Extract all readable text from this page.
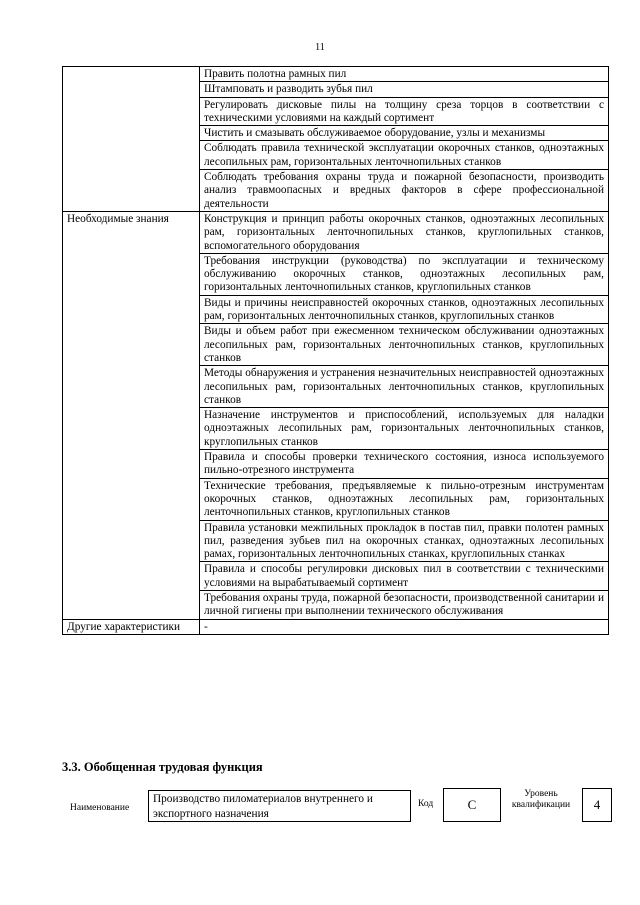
11
	Править полотна рамных пил
	Штамповать и разводить зубья пил
	Регулировать дисковые пилы на толщину среза торцов в соответствии с техническими условиями на каждый сортимент
	Чистить и смазывать обслуживаемое оборудование, узлы и механизмы
	Соблюдать правила технической эксплуатации окорочных станков, одноэтажных лесопильных рам, горизонтальных ленточнопильных станков
	Соблюдать требования охраны труда и пожарной безопасности, производить анализ травмоопасных и вредных факторов в сфере профессиональной деятельности
Необходимые знания	Конструкция и принцип работы окорочных станков, одноэтажных лесопильных рам, горизонтальных ленточнопильных станков, круглопильных станков, вспомогательного оборудования
	Требования инструкции (руководства) по эксплуатации и техническому обслуживанию окорочных станков, одноэтажных лесопильных рам, горизонтальных ленточнопильных станков, круглопильных станков
	Виды и причины неисправностей окорочных станков, одноэтажных лесопильных рам, горизонтальных ленточнопильных станков, круглопильных станков
	Виды и объем работ при ежесменном техническом обслуживании одноэтажных лесопильных рам, горизонтальных ленточнопильных станков, круглопильных станков
	Методы обнаружения и устранения незначительных неисправностей одноэтажных лесопильных рам, горизонтальных ленточнопильных станков, круглопильных станков
	Назначение инструментов и приспособлений, используемых для наладки одноэтажных лесопильных рам, горизонтальных ленточнопильных станков, круглопильных станков
	Правила и способы проверки технического состояния, износа используемого пильно-отрезного инструмента
	Технические требования, предъявляемые к пильно-отрезным инструментам окорочных станков, одноэтажных лесопильных рам, горизонтальных ленточнопильных станков, круглопильных станков
	Правила установки межпильных прокладок в постав пил, правки полотен рамных пил, разведения зубьев пил на окорочных станках, одноэтажных лесопильных рамах, горизонтальных ленточнопильных станках, круглопильных станках
	Правила и способы регулировки дисковых пил в соответствии с техническими условиями на вырабатываемый сортимент
	Требования охраны труда, пожарной безопасности, производственной санитарии и личной гигиены при выполнении технического обслуживания
Другие характеристики	-
3.3. Обобщенная трудовая функция
Наименование
Производство пиломатериалов внутреннего и экспортного назначения
Код	C
Уровень квалификации	4
